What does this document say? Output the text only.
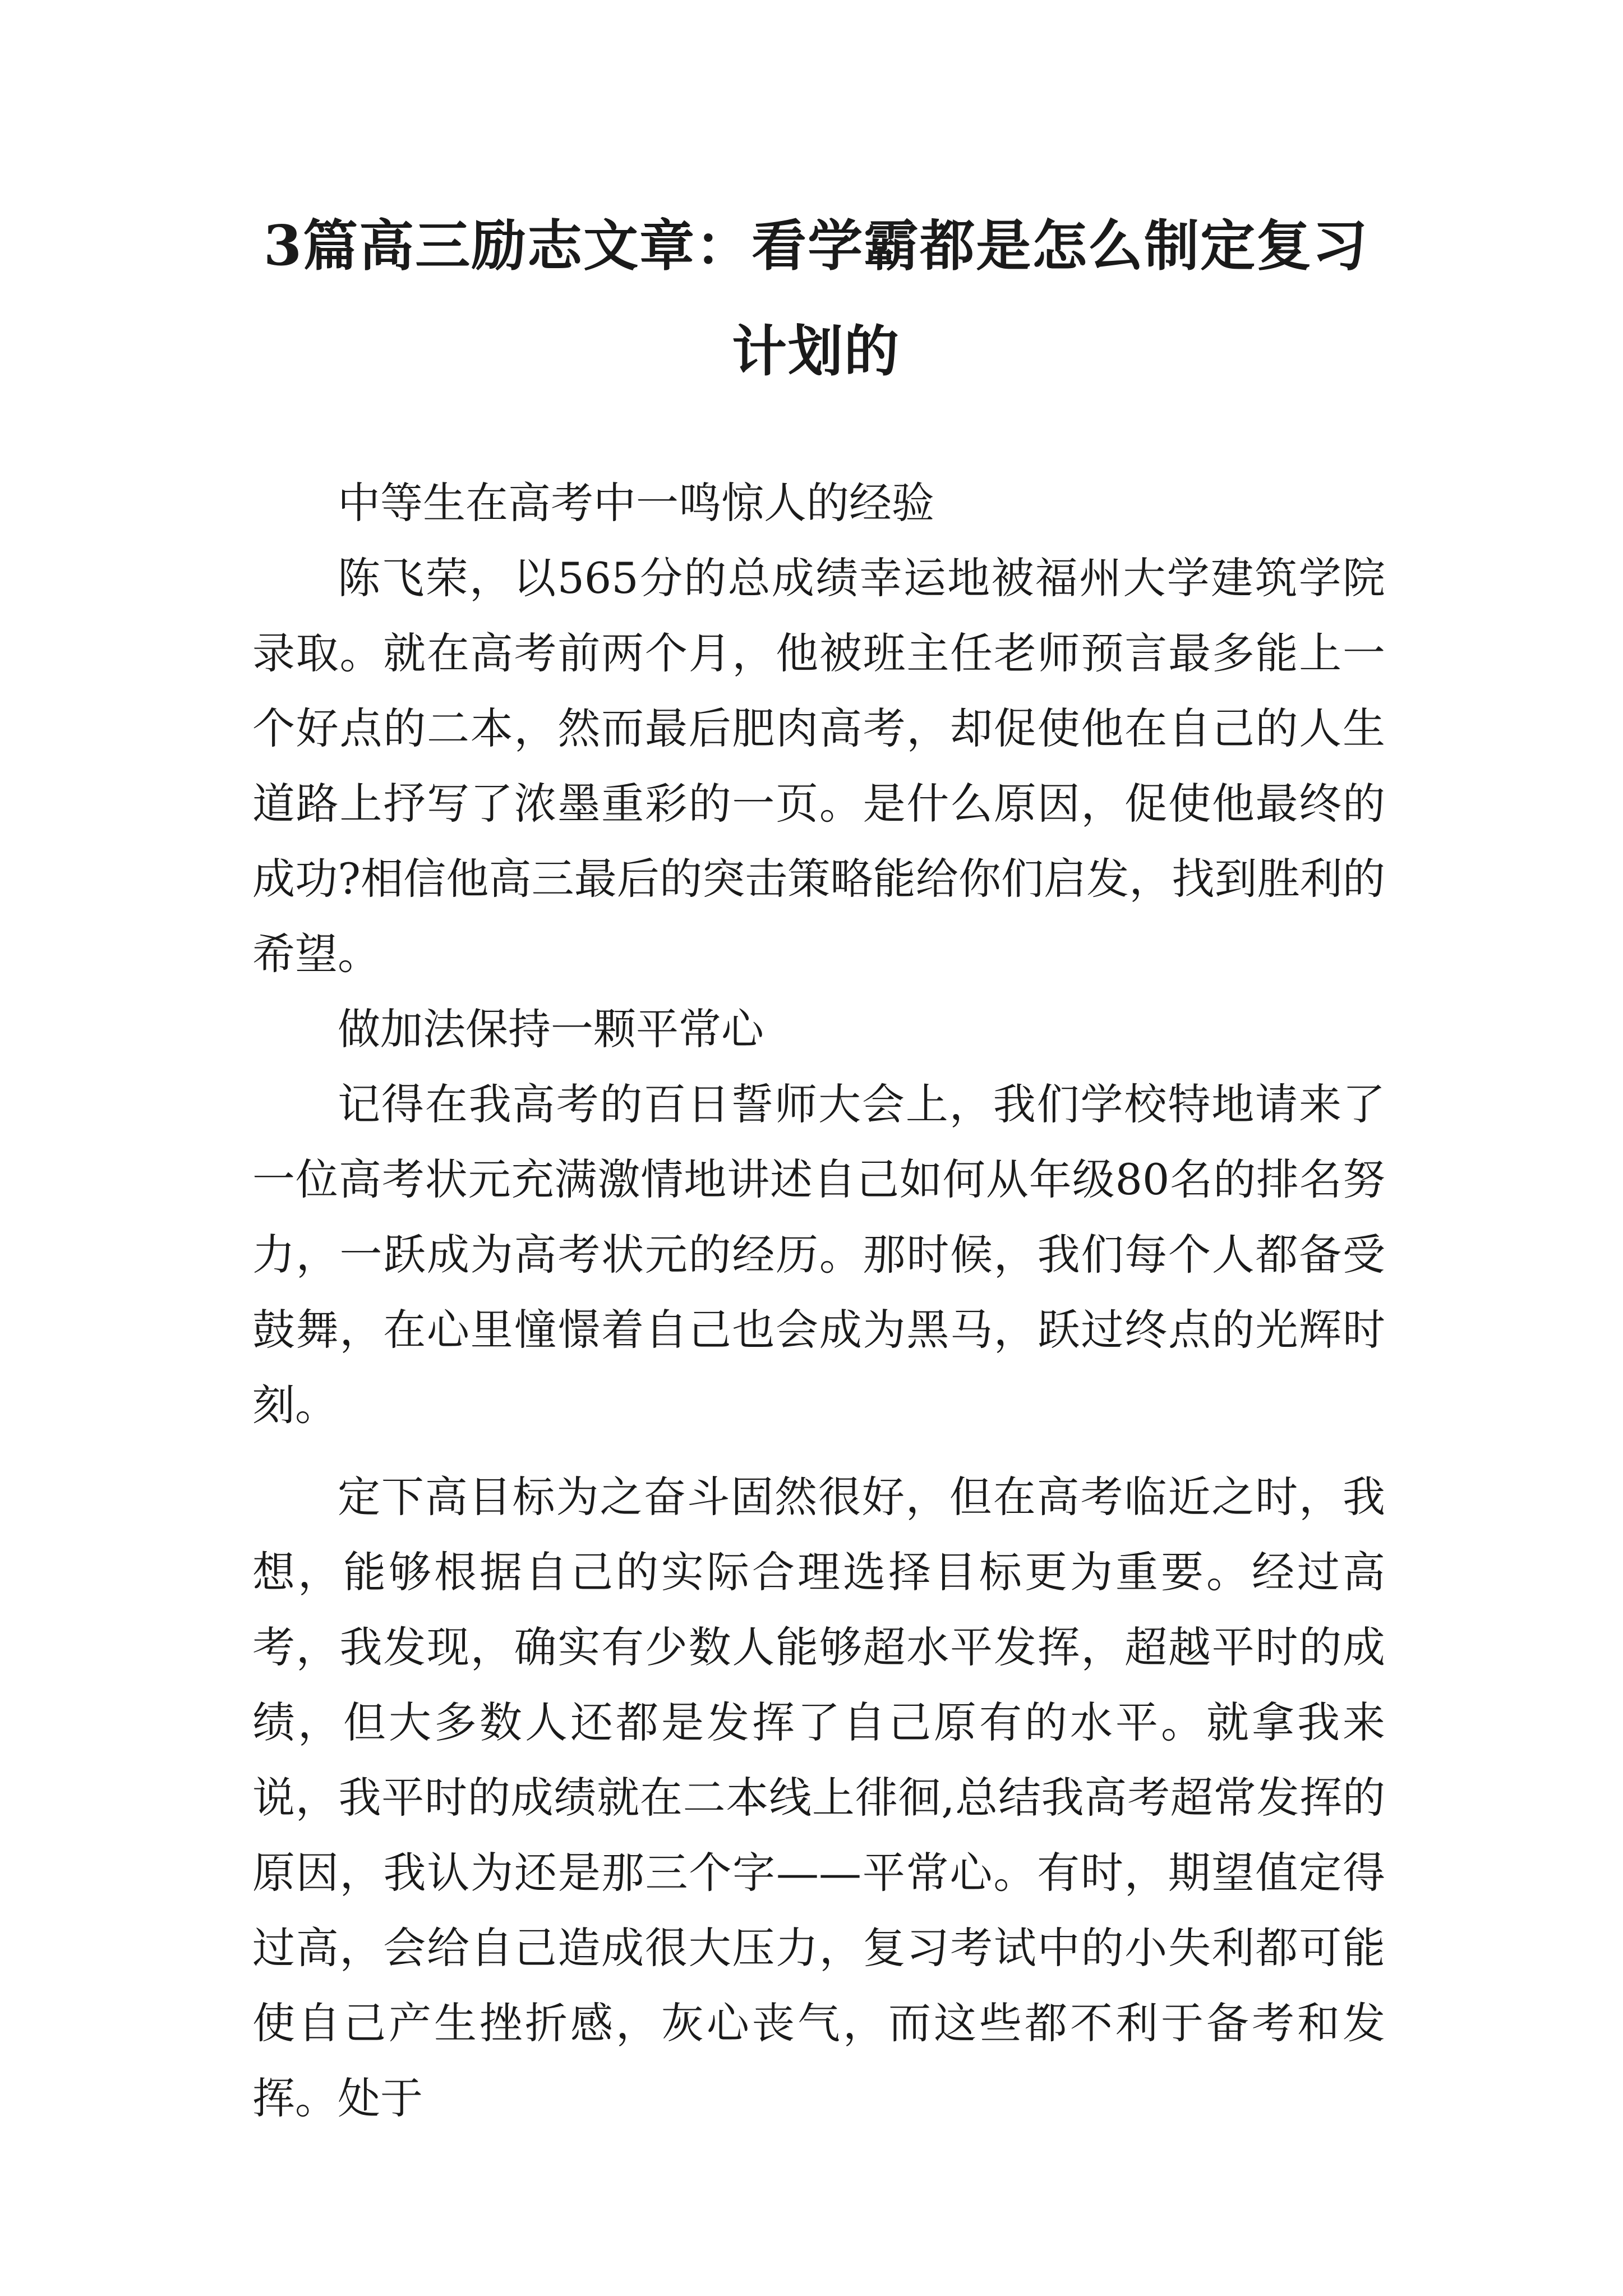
3篇高三励志文章：看学霸都是怎么制定复习计划的

中等生在高考中一鸣惊人的经验

陈飞荣，以565分的总成绩幸运地被福州大学建筑学院录取。就在高考前两个月，他被班主任老师预言最多能上一个好点的二本，然而最后肥肉高考，却促使他在自己的人生道路上抒写了浓墨重彩的一页。是什么原因，促使他最终的成功?相信他高三最后的突击策略能给你们启发，找到胜利的希望。

做加法保持一颗平常心

记得在我高考的百日誓师大会上，我们学校特地请来了一位高考状元充满激情地讲述自己如何从年级80名的排名努力，一跃成为高考状元的经历。那时候，我们每个人都备受鼓舞，在心里憧憬着自己也会成为黑马，跃过终点的光辉时刻。

定下高目标为之奋斗固然很好，但在高考临近之时，我想，能够根据自己的实际合理选择目标更为重要。经过高考，我发现，确实有少数人能够超水平发挥，超越平时的成绩，但大多数人还都是发挥了自己原有的水平。就拿我来说，我平时的成绩就在二本线上徘徊,总结我高考超常发挥的原因，我认为还是那三个字——平常心。有时，期望值定得过高，会给自己造成很大压力，复习考试中的小失利都可能使自己产生挫折感，灰心丧气，而这些都不利于备考和发挥。处于
